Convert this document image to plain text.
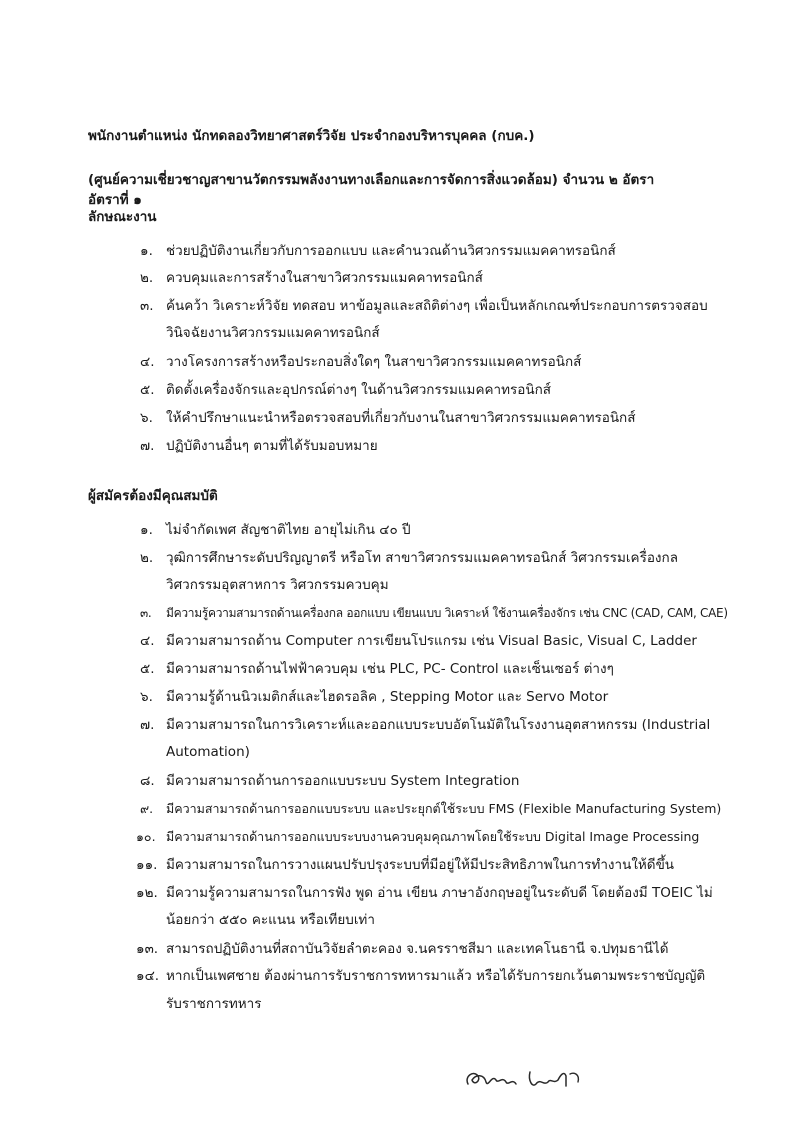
พนักงานตำแหน่ง นักทดลองวิทยาศาสตร์วิจัย ประจำกองบริหารบุคคล (กบค.)
(ศูนย์ความเชี่ยวชาญสาขานวัตกรรมพลังงานทางเลือกและการจัดการสิ่งแวดล้อม) จำนวน ๒ อัตรา
อัตราที่ ๑
ลักษณะงาน
๑. ช่วยปฏิบัติงานเกี่ยวกับการออกแบบ และคำนวณด้านวิศวกรรมแมคคาทรอนิกส์
๒. ควบคุมและการสร้างในสาขาวิศวกรรมแมคคาทรอนิกส์
๓. ค้นคว้า วิเคราะห์วิจัย ทดสอบ หาข้อมูลและสถิติต่างๆ เพื่อเป็นหลักเกณฑ์ประกอบการตรวจสอบ
วินิจฉัยงานวิศวกรรมแมคคาทรอนิกส์
๔. วางโครงการสร้างหรือประกอบสิ่งใดๆ ในสาขาวิศวกรรมแมคคาทรอนิกส์
๕. ติดตั้งเครื่องจักรและอุปกรณ์ต่างๆ ในด้านวิศวกรรมแมคคาทรอนิกส์
๖. ให้คำปรึกษาแนะนำหรือตรวจสอบที่เกี่ยวกับงานในสาขาวิศวกรรมแมคคาทรอนิกส์
๗. ปฏิบัติงานอื่นๆ ตามที่ได้รับมอบหมาย
ผู้สมัครต้องมีคุณสมบัติ
๑. ไม่จำกัดเพศ สัญชาติไทย อายุไม่เกิน ๔๐ ปี
๒. วุฒิการศึกษาระดับปริญญาตรี หรือโท สาขาวิศวกรรมแมคคาทรอนิกส์ วิศวกรรมเครื่องกล
วิศวกรรมอุตสาหการ วิศวกรรมควบคุม
๓. มีความรู้ความสามารถด้านเครื่องกล ออกแบบ เขียนแบบ วิเคราะห์ ใช้งานเครื่องจักร เช่น CNC (CAD, CAM, CAE)
๔. มีความสามารถด้าน Computer การเขียนโปรแกรม เช่น Visual Basic, Visual C, Ladder
๕. มีความสามารถด้านไฟฟ้าควบคุม เช่น PLC, PC- Control และเซ็นเซอร์ ต่างๆ
๖. มีความรู้ด้านนิวเมติกส์และไฮดรอลิค , Stepping Motor และ Servo Motor
๗. มีความสามารถในการวิเคราะห์และออกแบบระบบอัตโนมัติในโรงงานอุตสาหกรรม (Industrial
Automation)
๘. มีความสามารถด้านการออกแบบระบบ System Integration
๙. มีความสามารถด้านการออกแบบระบบ และประยุกต์ใช้ระบบ FMS (Flexible Manufacturing System)
๑๐. มีความสามารถด้านการออกแบบระบบงานควบคุมคุณภาพโดยใช้ระบบ Digital Image Processing
๑๑. มีความสามารถในการวางแผนปรับปรุงระบบที่มีอยู่ให้มีประสิทธิภาพในการทำงานให้ดีขึ้น
๑๒. มีความรู้ความสามารถในการฟัง พูด อ่าน เขียน ภาษาอังกฤษอยู่ในระดับดี โดยต้องมี TOEIC ไม่
น้อยกว่า ๕๕๐ คะแนน หรือเทียบเท่า
๑๓. สามารถปฏิบัติงานที่สถาบันวิจัยลำตะคอง จ.นครราชสีมา และเทคโนธานี จ.ปทุมธานีได้
๑๔. หากเป็นเพศชาย ต้องผ่านการรับราชการทหารมาแล้ว หรือได้รับการยกเว้นตามพระราชบัญญัติ
รับราชการทหาร
